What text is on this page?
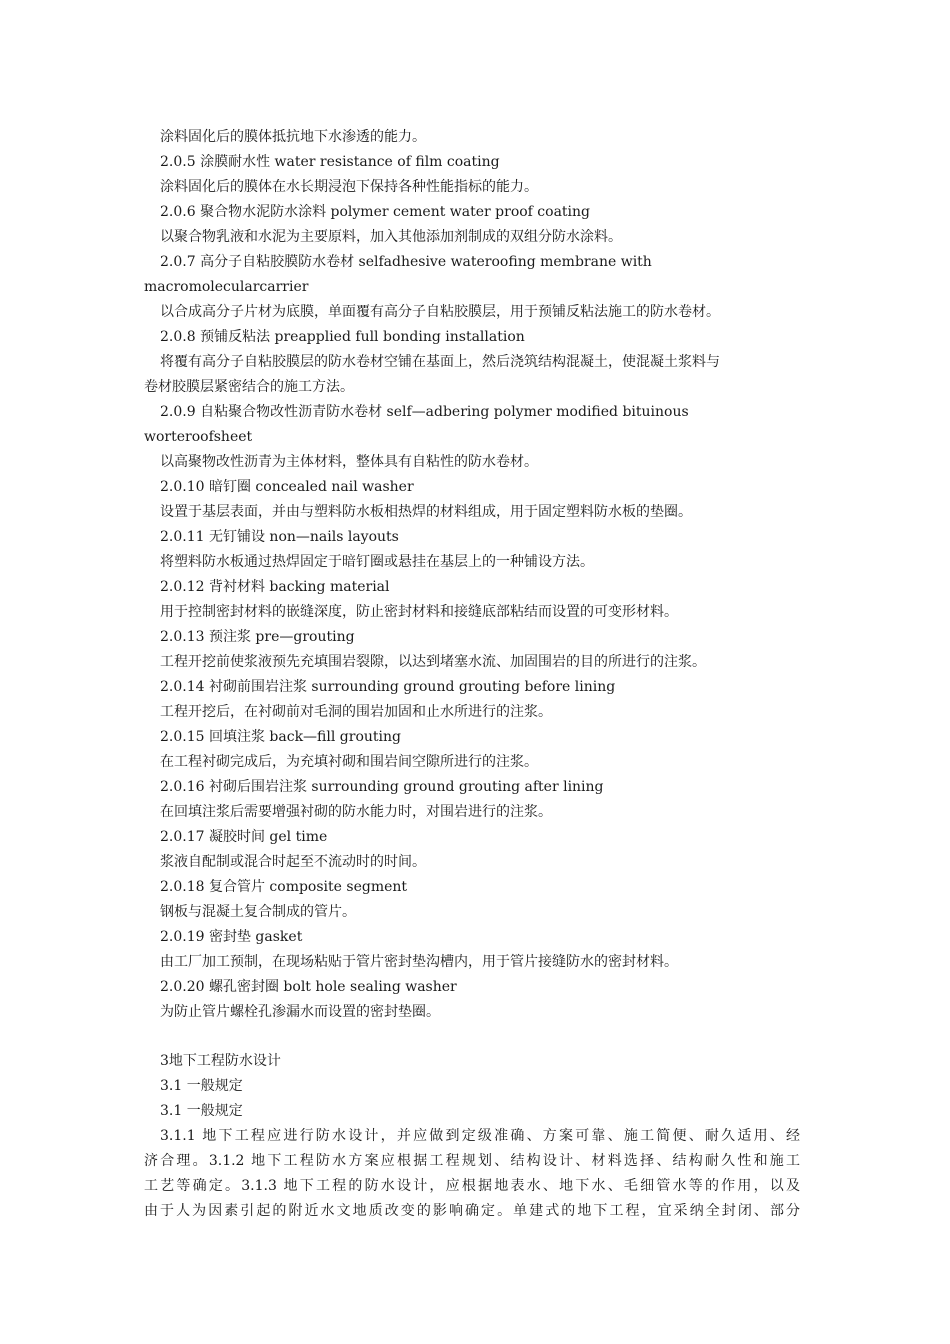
涂料固化后的膜体抵抗地下水渗透的能力。

2.0.5 涂膜耐水性 water resistance of film coating

涂料固化后的膜体在水长期浸泡下保持各种性能指标的能力。

2.0.6 聚合物水泥防水涂料 polymer cement water proof coating

以聚合物乳液和水泥为主要原料，加入其他添加剂制成的双组分防水涂料。

2.0.7 高分子自粘胶膜防水卷材 selfadhesive wateroofing membrane with

macromolecularcarrier

以合成高分子片材为底膜，单面覆有高分子自粘胶膜层，用于预铺反粘法施工的防水卷材。

2.0.8 预铺反粘法 preapplied full bonding installation

将覆有高分子自粘胶膜层的防水卷材空铺在基面上，然后浇筑结构混凝土，使混凝土浆料与

卷材胶膜层紧密结合的施工方法。

2.0.9 自粘聚合物改性沥青防水卷材 self—adbering polymer modified bituinous

worteroofsheet

以高聚物改性沥青为主体材料，整体具有自粘性的防水卷材。

2.0.10 暗钉圈 concealed nail washer

设置于基层表面，并由与塑料防水板相热焊的材料组成，用于固定塑料防水板的垫圈。

2.0.11 无钉铺设 non—nails layouts

将塑料防水板通过热焊固定于暗钉圈或悬挂在基层上的一种铺设方法。

2.0.12 背衬材料 backing material

用于控制密封材料的嵌缝深度，防止密封材料和接缝底部粘结而设置的可变形材料。

2.0.13 预注浆 pre—grouting

工程开挖前使浆液预先充填围岩裂隙，以达到堵塞水流、加固围岩的目的所进行的注浆。

2.0.14 衬砌前围岩注浆 surrounding ground grouting before lining

工程开挖后，在衬砌前对毛洞的围岩加固和止水所进行的注浆。

2.0.15 回填注浆 back—fill grouting

在工程衬砌完成后，为充填衬砌和围岩间空隙所进行的注浆。

2.0.16 衬砌后围岩注浆 surrounding ground grouting after lining

在回填注浆后需要增强衬砌的防水能力时，对围岩进行的注浆。

2.0.17 凝胶时间 gel time

浆液自配制或混合时起至不流动时的时间。

2.0.18 复合管片 composite segment

钢板与混凝土复合制成的管片。

2.0.19 密封垫 gasket

由工厂加工预制，在现场粘贴于管片密封垫沟槽内，用于管片接缝防水的密封材料。

2.0.20 螺孔密封圈 bolt hole sealing washer

为防止管片螺栓孔渗漏水而设置的密封垫圈。

3地下工程防水设计

3.1 一般规定

3.1 一般规定

3.1.1 地下工程应进行防水设计，并应做到定级准确、方案可靠、施工简便、耐久适用、经
济合理。3.1.2 地下工程防水方案应根据工程规划、结构设计、材料选择、结构耐久性和施工
工艺等确定。3.1.3 地下工程的防水设计，应根据地表水、地下水、毛细管水等的作用，以及
由于人为因素引起的附近水文地质改变的影响确定。单建式的地下工程，宜采纳全封闭、部分
